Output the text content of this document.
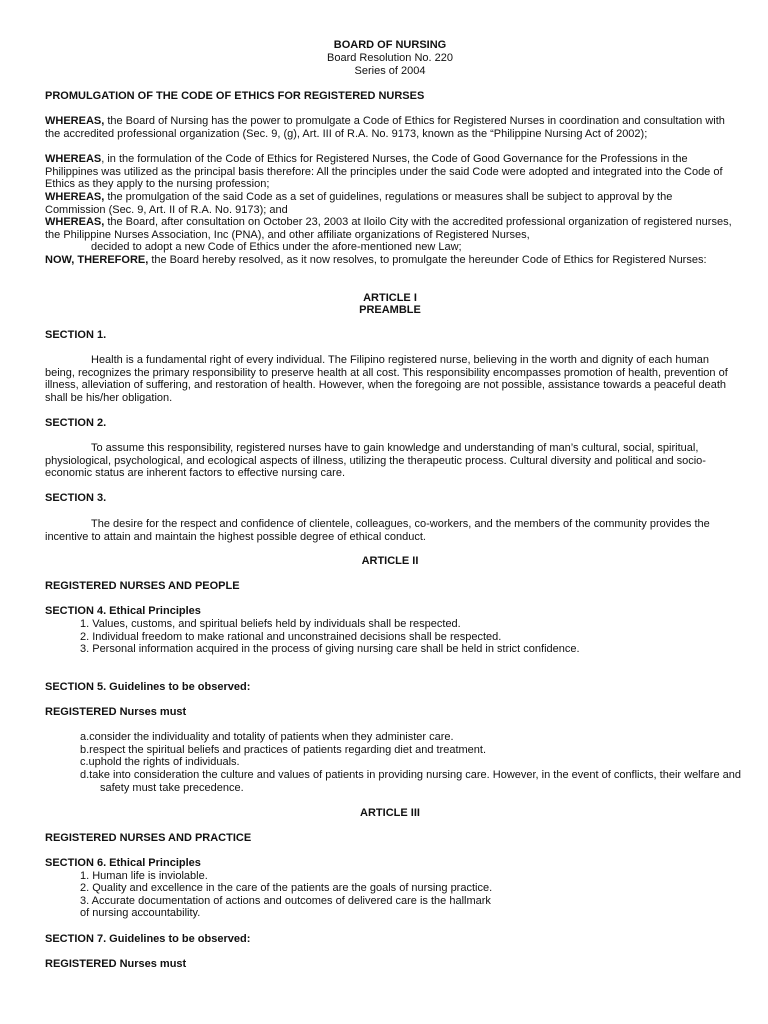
BOARD OF NURSING

Board Resolution No. 220

Series of 2004

PROMULGATION OF THE CODE OF ETHICS FOR REGISTERED NURSES

WHEREAS, the Board of Nursing has the power to promulgate a Code of Ethics for Registered Nurses in coordination and consultation with the accredited professional organization (Sec. 9, (g), Art. III of R.A. No. 9173, known as the “Philippine Nursing Act of 2002);

WHEREAS, in the formulation of the Code of Ethics for Registered Nurses, the Code of Good Governance for the Professions in the Philippines was utilized as the principal basis therefore: All the principles under the said Code were adopted and integrated into the Code of Ethics as they apply to the nursing profession;

WHEREAS, the promulgation of the said Code as a set of guidelines, regulations or measures shall be subject to approval by the Commission (Sec. 9, Art. II of R.A. No. 9173); and

WHEREAS, the Board, after consultation on October 23, 2003 at Iloilo City with the accredited professional organization of registered nurses, the Philippine Nurses Association, Inc (PNA), and other affiliate organizations of Registered Nurses,

decided to adopt a new Code of Ethics under the afore-mentioned new Law;

NOW, THEREFORE, the Board hereby resolved, as it now resolves, to promulgate the hereunder Code of Ethics for Registered Nurses:

ARTICLE I

PREAMBLE

SECTION 1.

Health is a fundamental right of every individual. The Filipino registered nurse, believing in the worth and dignity of each human being, recognizes the primary responsibility to preserve health at all cost. This responsibility encompasses promotion of health, prevention of illness, alleviation of suffering, and restoration of health. However, when the foregoing are not possible, assistance towards a peaceful death shall be his/her obligation.

SECTION 2.

To assume this responsibility, registered nurses have to gain knowledge and understanding of man’s cultural, social, spiritual, physiological, psychological, and ecological aspects of illness, utilizing the therapeutic process. Cultural diversity and political and socio-economic status are inherent factors to effective nursing care.

SECTION 3.

The desire for the respect and confidence of clientele, colleagues, co-workers, and the members of the community provides the incentive to attain and maintain the highest possible degree of ethical conduct.

ARTICLE II

REGISTERED NURSES AND PEOPLE

SECTION 4. Ethical Principles

1. Values, customs, and spiritual beliefs held by individuals shall be respected.

2. Individual freedom to make rational and unconstrained decisions shall be respected.

3. Personal information acquired in the process of giving nursing care shall be held in strict confidence.

SECTION 5. Guidelines to be observed:

REGISTERED Nurses must

a.consider the individuality and totality of patients when they administer care.

b.respect the spiritual beliefs and practices of patients regarding diet and treatment.

c.uphold the rights of individuals.

d.take into consideration the culture and values of patients in providing nursing care. However, in the event of conflicts, their welfare and safety must take precedence.

ARTICLE III

REGISTERED NURSES AND PRACTICE

SECTION 6. Ethical Principles

1. Human life is inviolable.

2. Quality and excellence in the care of the patients are the goals of nursing practice.

3. Accurate documentation of actions and outcomes of delivered care is the hallmark

of nursing accountability.

SECTION 7. Guidelines to be observed:

REGISTERED Nurses must
